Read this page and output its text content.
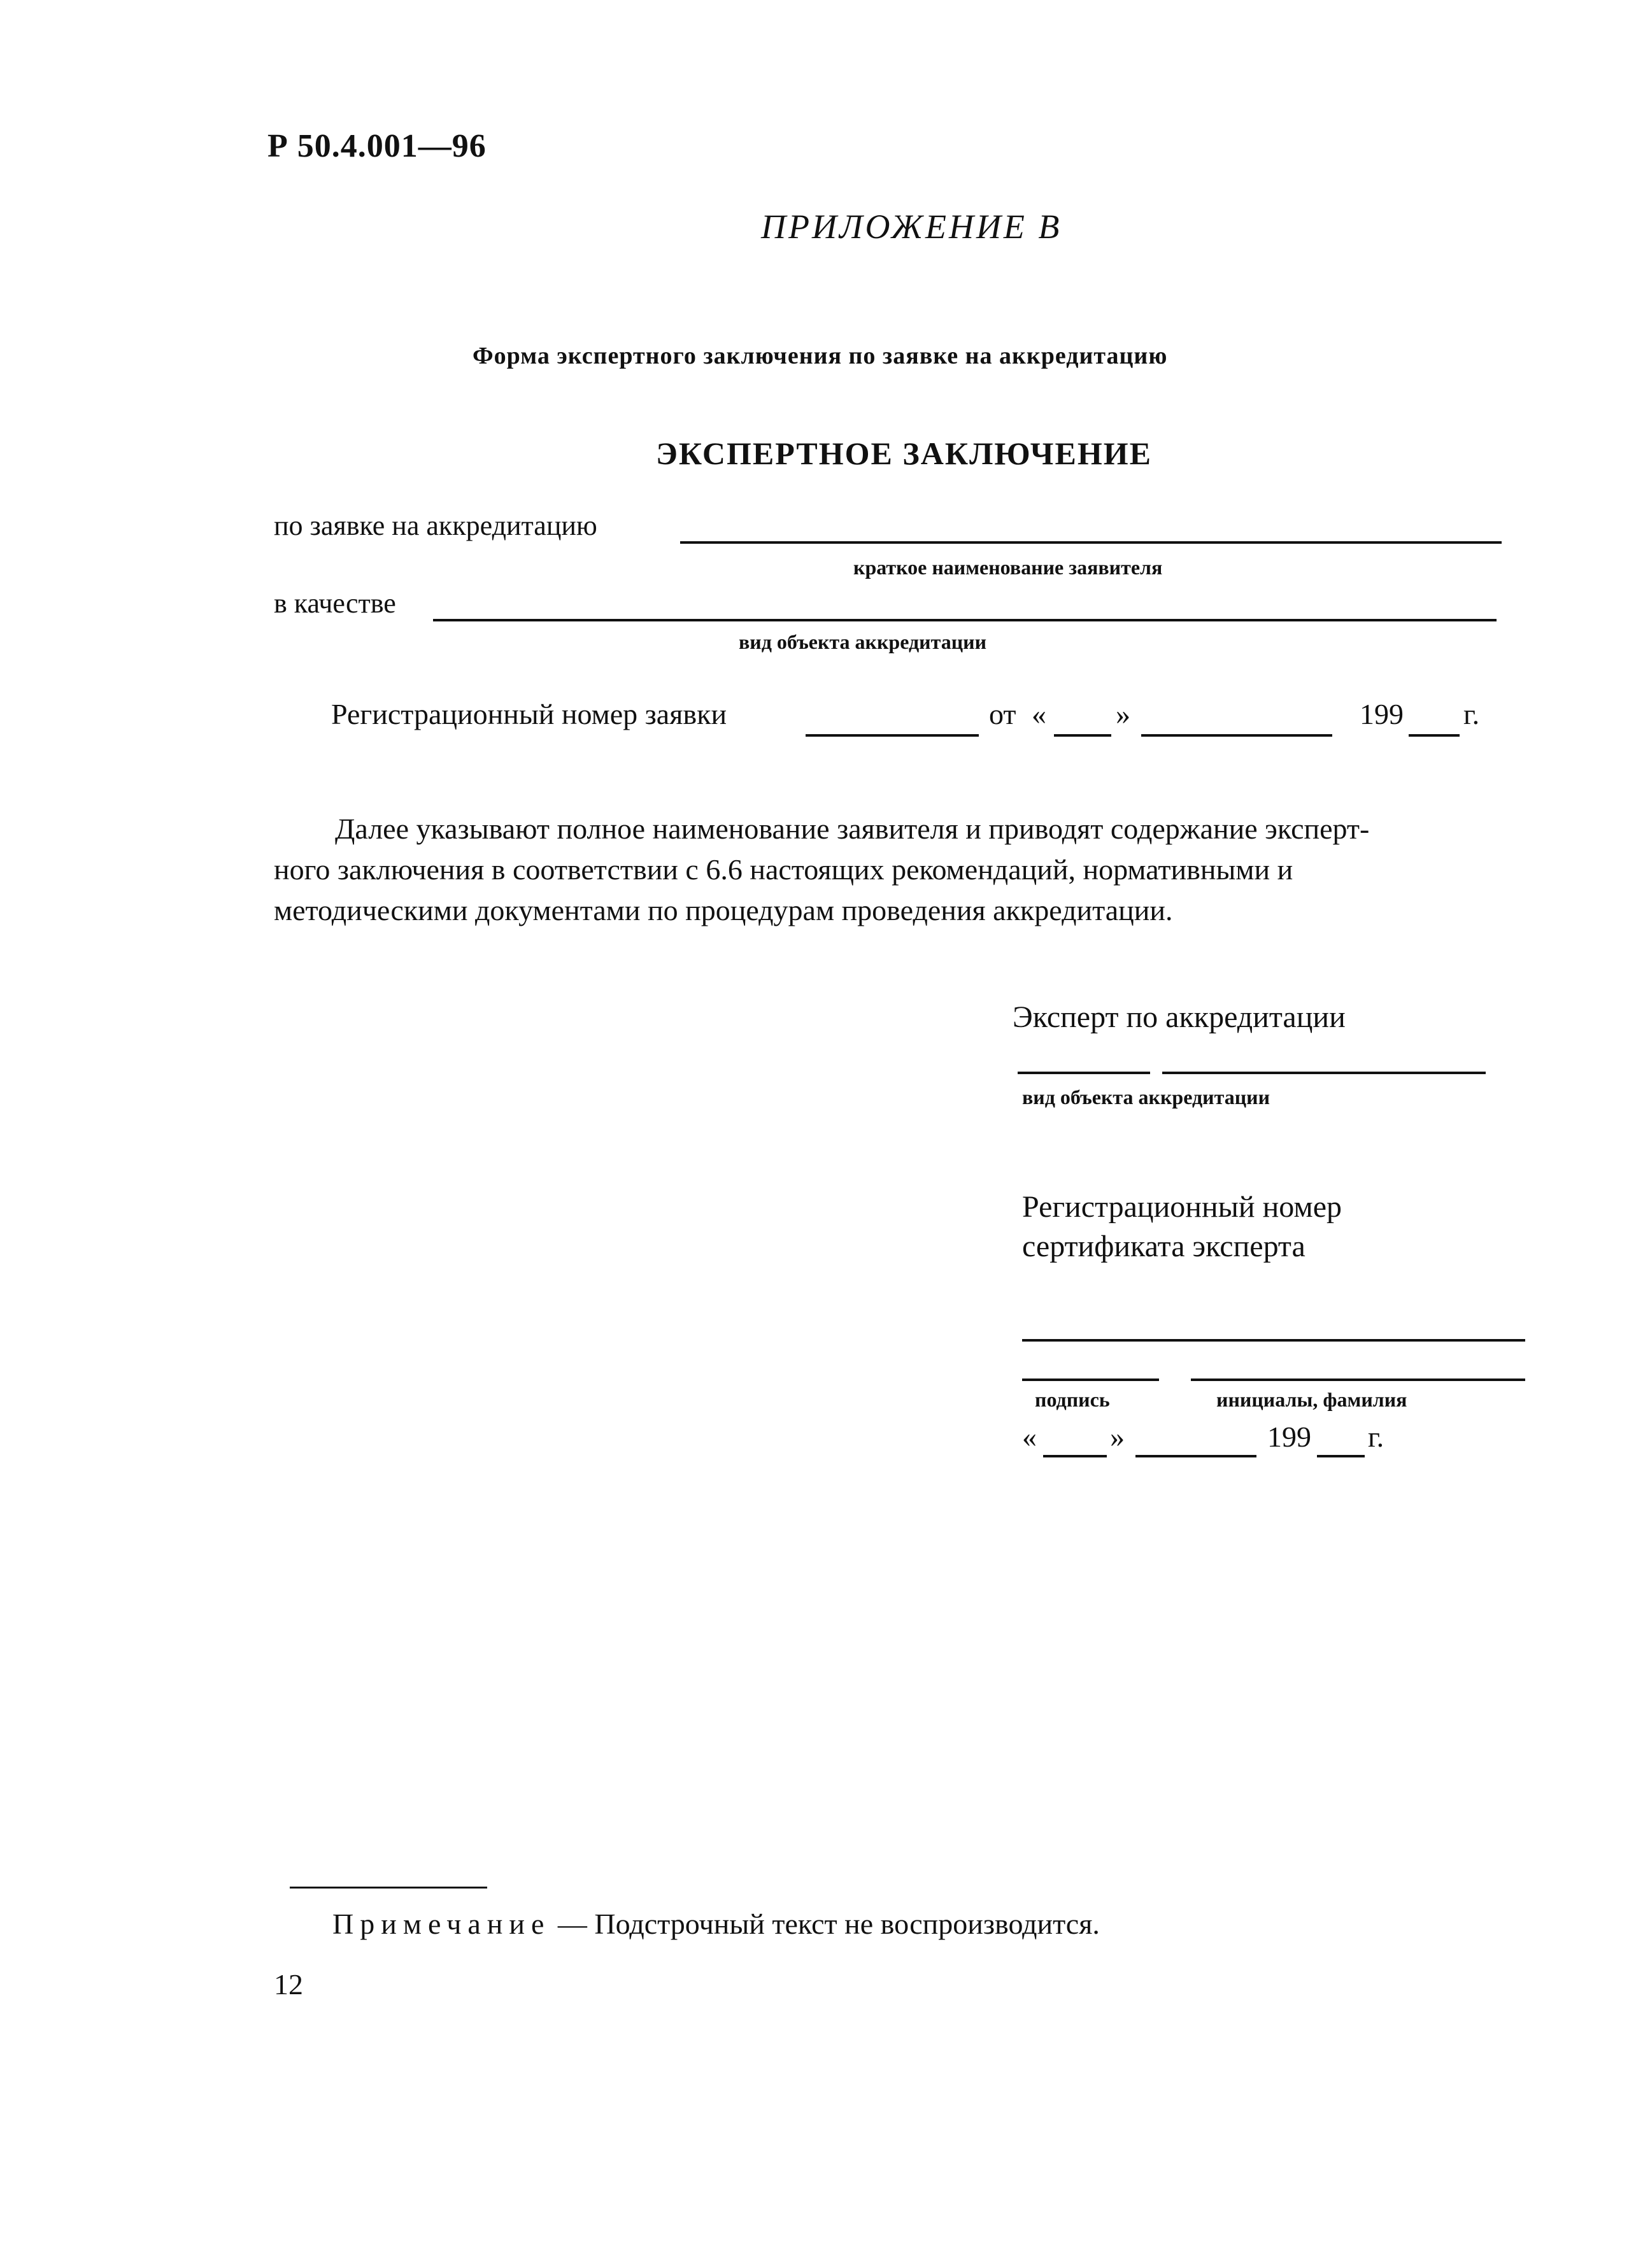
Р 50.4.001—96
ПРИЛОЖЕНИЕ В
Форма экспертного заключения по заявке на аккредитацию
ЭКСПЕРТНОЕ ЗАКЛЮЧЕНИЕ
по заявке на аккредитацию
краткое наименование заявителя
в качестве
вид объекта аккредитации
Регистрационный номер заявки	от « »	199 г.
Далее указывают полное наименование заявителя и приводят содержание эксперт-
ного заключения в соответствии с 6.6 настоящих рекомендаций, нормативными и
методическими документами по процедурам проведения аккредитации.
Эксперт по аккредитации
вид объекта аккредитации
Регистрационный номер
сертификата эксперта
подпись	инициалы, фамилия
«	»	199 г.
Примечание — Подстрочный текст не воспроизводится.
12
